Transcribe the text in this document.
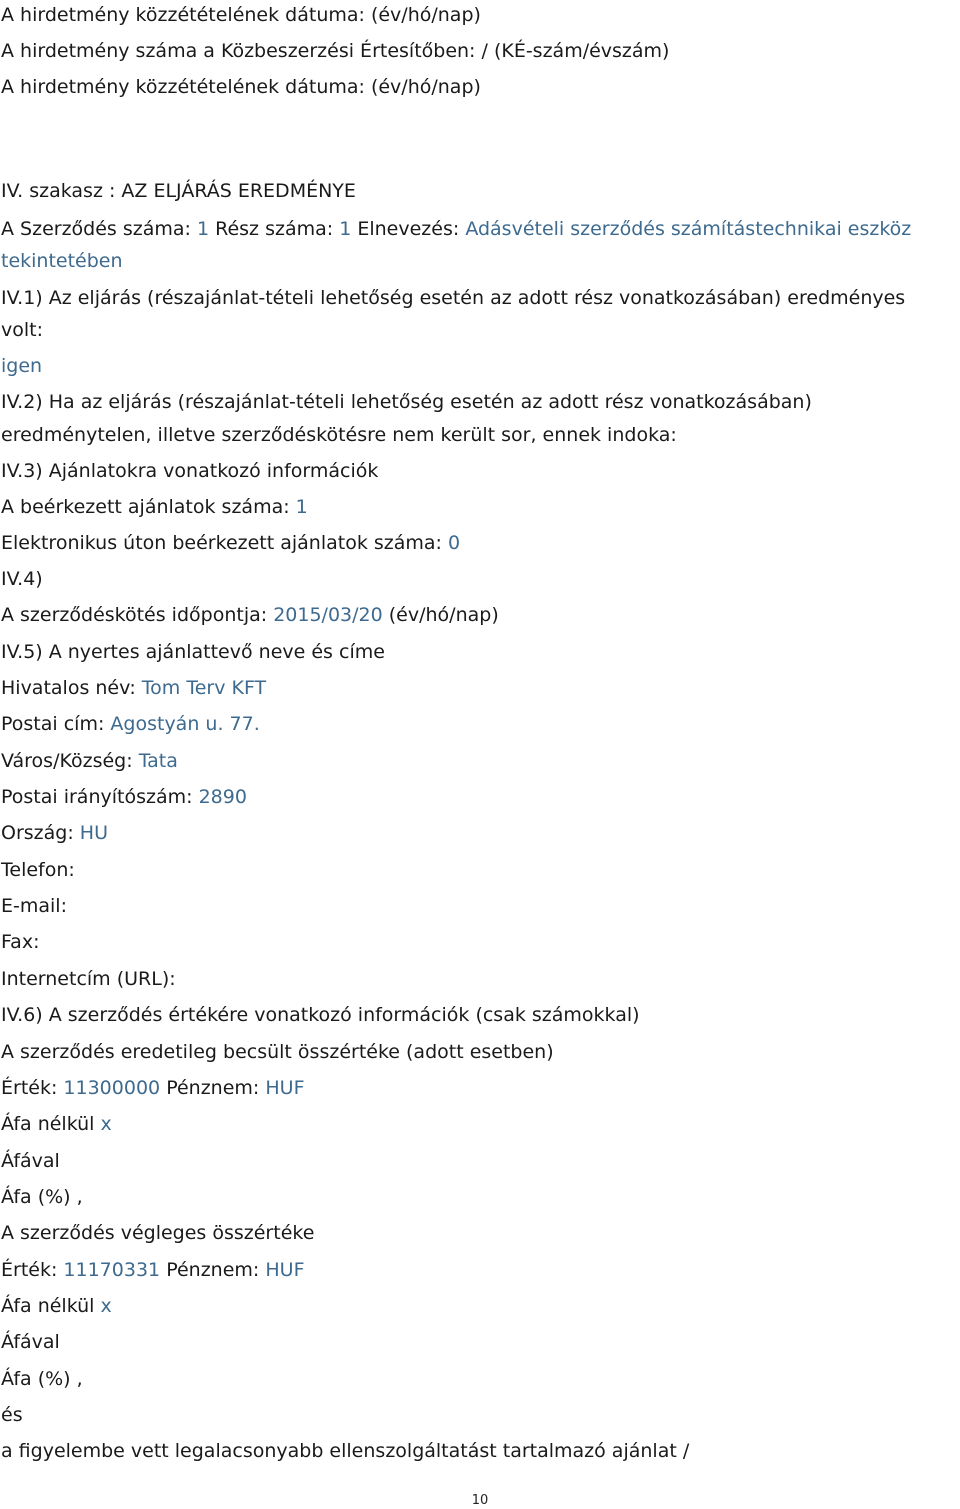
A hirdetmény közzétételének dátuma: (év/hó/nap)
A hirdetmény száma a Közbeszerzési Értesítőben: / (KÉ-szám/évszám)
A hirdetmény közzétételének dátuma: (év/hó/nap)
IV. szakasz : AZ ELJÁRÁS EREDMÉNYE
A Szerződés száma: 1 Rész száma: 1 Elnevezés: Adásvételi szerződés számítástechnikai eszköz
tekintetében
IV.1) Az eljárás (részajánlat-tételi lehetőség esetén az adott rész vonatkozásában) eredményes
volt:
igen
IV.2) Ha az eljárás (részajánlat-tételi lehetőség esetén az adott rész vonatkozásában)
eredménytelen, illetve szerződéskötésre nem került sor, ennek indoka:
IV.3) Ajánlatokra vonatkozó információk
A beérkezett ajánlatok száma: 1
Elektronikus úton beérkezett ajánlatok száma: 0
IV.4)
A szerződéskötés időpontja: 2015/03/20 (év/hó/nap)
IV.5) A nyertes ajánlattevő neve és címe
Hivatalos név: Tom Terv KFT
Postai cím: Agostyán u. 77.
Város/Község: Tata
Postai irányítószám: 2890
Ország: HU
Telefon:
E-mail:
Fax:
Internetcím (URL):
IV.6) A szerződés értékére vonatkozó információk (csak számokkal)
A szerződés eredetileg becsült összértéke (adott esetben)
Érték: 11300000 Pénznem: HUF
Áfa nélkül x
Áfával
Áfa (%) ,
A szerződés végleges összértéke
Érték: 11170331 Pénznem: HUF
Áfa nélkül x
Áfával
Áfa (%) ,
és
a figyelembe vett legalacsonyabb ellenszolgáltatást tartalmazó ajánlat /
10
